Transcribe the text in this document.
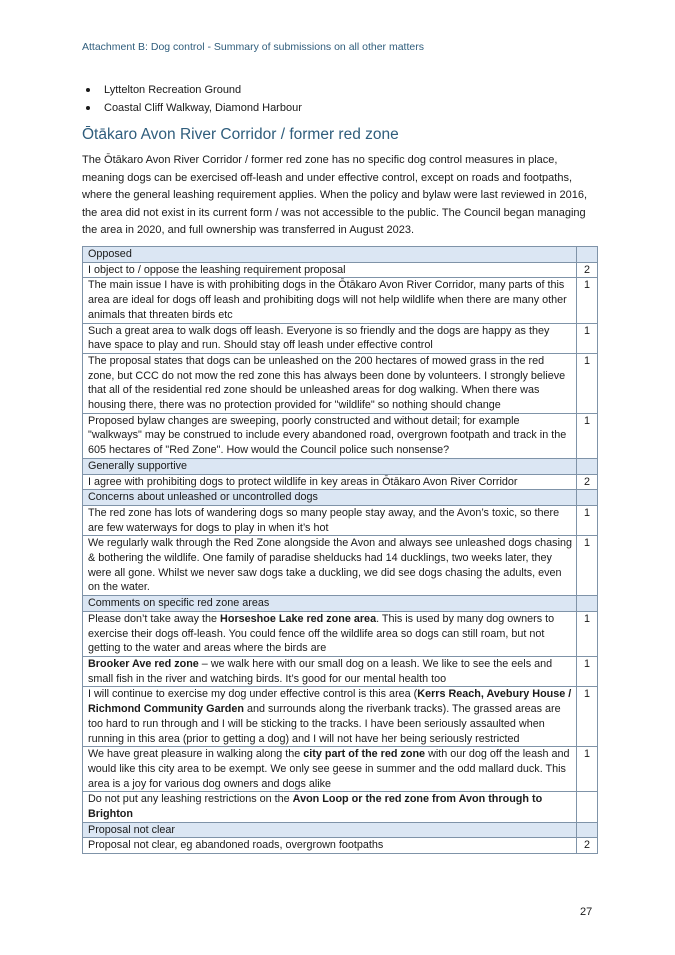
Attachment B: Dog control - Summary of submissions on all other matters
Lyttelton Recreation Ground
Coastal Cliff Walkway, Diamond Harbour
Ōtākaro Avon River Corridor / former red zone

The Ōtākaro Avon River Corridor / former red zone has no specific dog control measures in place, meaning dogs can be exercised off-leash and under effective control, except on roads and footpaths, where the general leashing requirement applies. When the policy and bylaw were last reviewed in 2016, the area did not exist in its current form / was not accessible to the public. The Council began managing the area in 2020, and full ownership was transferred in August 2023.

Opposed	
I object to / oppose the leashing requirement proposal	2
The main issue I have is with prohibiting dogs in the Ōtākaro Avon River Corridor, many parts of this area are ideal for dogs off leash and prohibiting dogs will not help wildlife when there are many other animals that threaten birds etc	1
Such a great area to walk dogs off leash. Everyone is so friendly and the dogs are happy as they have space to play and run. Should stay off leash under effective control	1
The proposal states that dogs can be unleashed on the 200 hectares of mowed grass in the red zone, but CCC do not mow the red zone this has always been done by volunteers. I strongly believe that all of the residential red zone should be unleashed areas for dog walking. When there was housing there, there was no protection provided for "wildlife" so nothing should change	1
Proposed bylaw changes are sweeping, poorly constructed and without detail; for example "walkways" may be construed to include every abandoned road, overgrown footpath and track in the 605 hectares of "Red Zone". How would the Council police such nonsense?	1
Generally supportive	
I agree with prohibiting dogs to protect wildlife in key areas in Ōtākaro Avon River Corridor	2
Concerns about unleashed or uncontrolled dogs	
The red zone has lots of wandering dogs so many people stay away, and the Avon’s toxic, so there are few waterways for dogs to play in when it’s hot	1
We regularly walk through the Red Zone alongside the Avon and always see unleashed dogs chasing & bothering the wildlife. One family of paradise shelducks had 14 ducklings, two weeks later, they were all gone. Whilst we never saw dogs take a duckling, we did see dogs chasing the adults, even on the water.	1
Comments on specific red zone areas	
Please don’t take away the Horseshoe Lake red zone area. This is used by many dog owners to exercise their dogs off-leash. You could fence off the wildlife area so dogs can still roam, but not getting to the water and areas where the birds are	1
Brooker Ave red zone – we walk here with our small dog on a leash. We like to see the eels and small fish in the river and watching birds. It’s good for our mental health too	1
I will continue to exercise my dog under effective control is this area (Kerrs Reach, Avebury House / Richmond Community Garden and surrounds along the riverbank tracks). The grassed areas are too hard to run through and I will be sticking to the tracks. I have been seriously assaulted when running in this area (prior to getting a dog) and I will not have her being seriously restricted	1
We have great pleasure in walking along the city part of the red zone with our dog off the leash and would like this city area to be exempt. We only see geese in summer and the odd mallard duck. This area is a joy for various dog owners and dogs alike	1
Do not put any leashing restrictions on the Avon Loop or the red zone from Avon through to Brighton	
Proposal not clear	
Proposal not clear, eg abandoned roads, overgrown footpaths	2
27
